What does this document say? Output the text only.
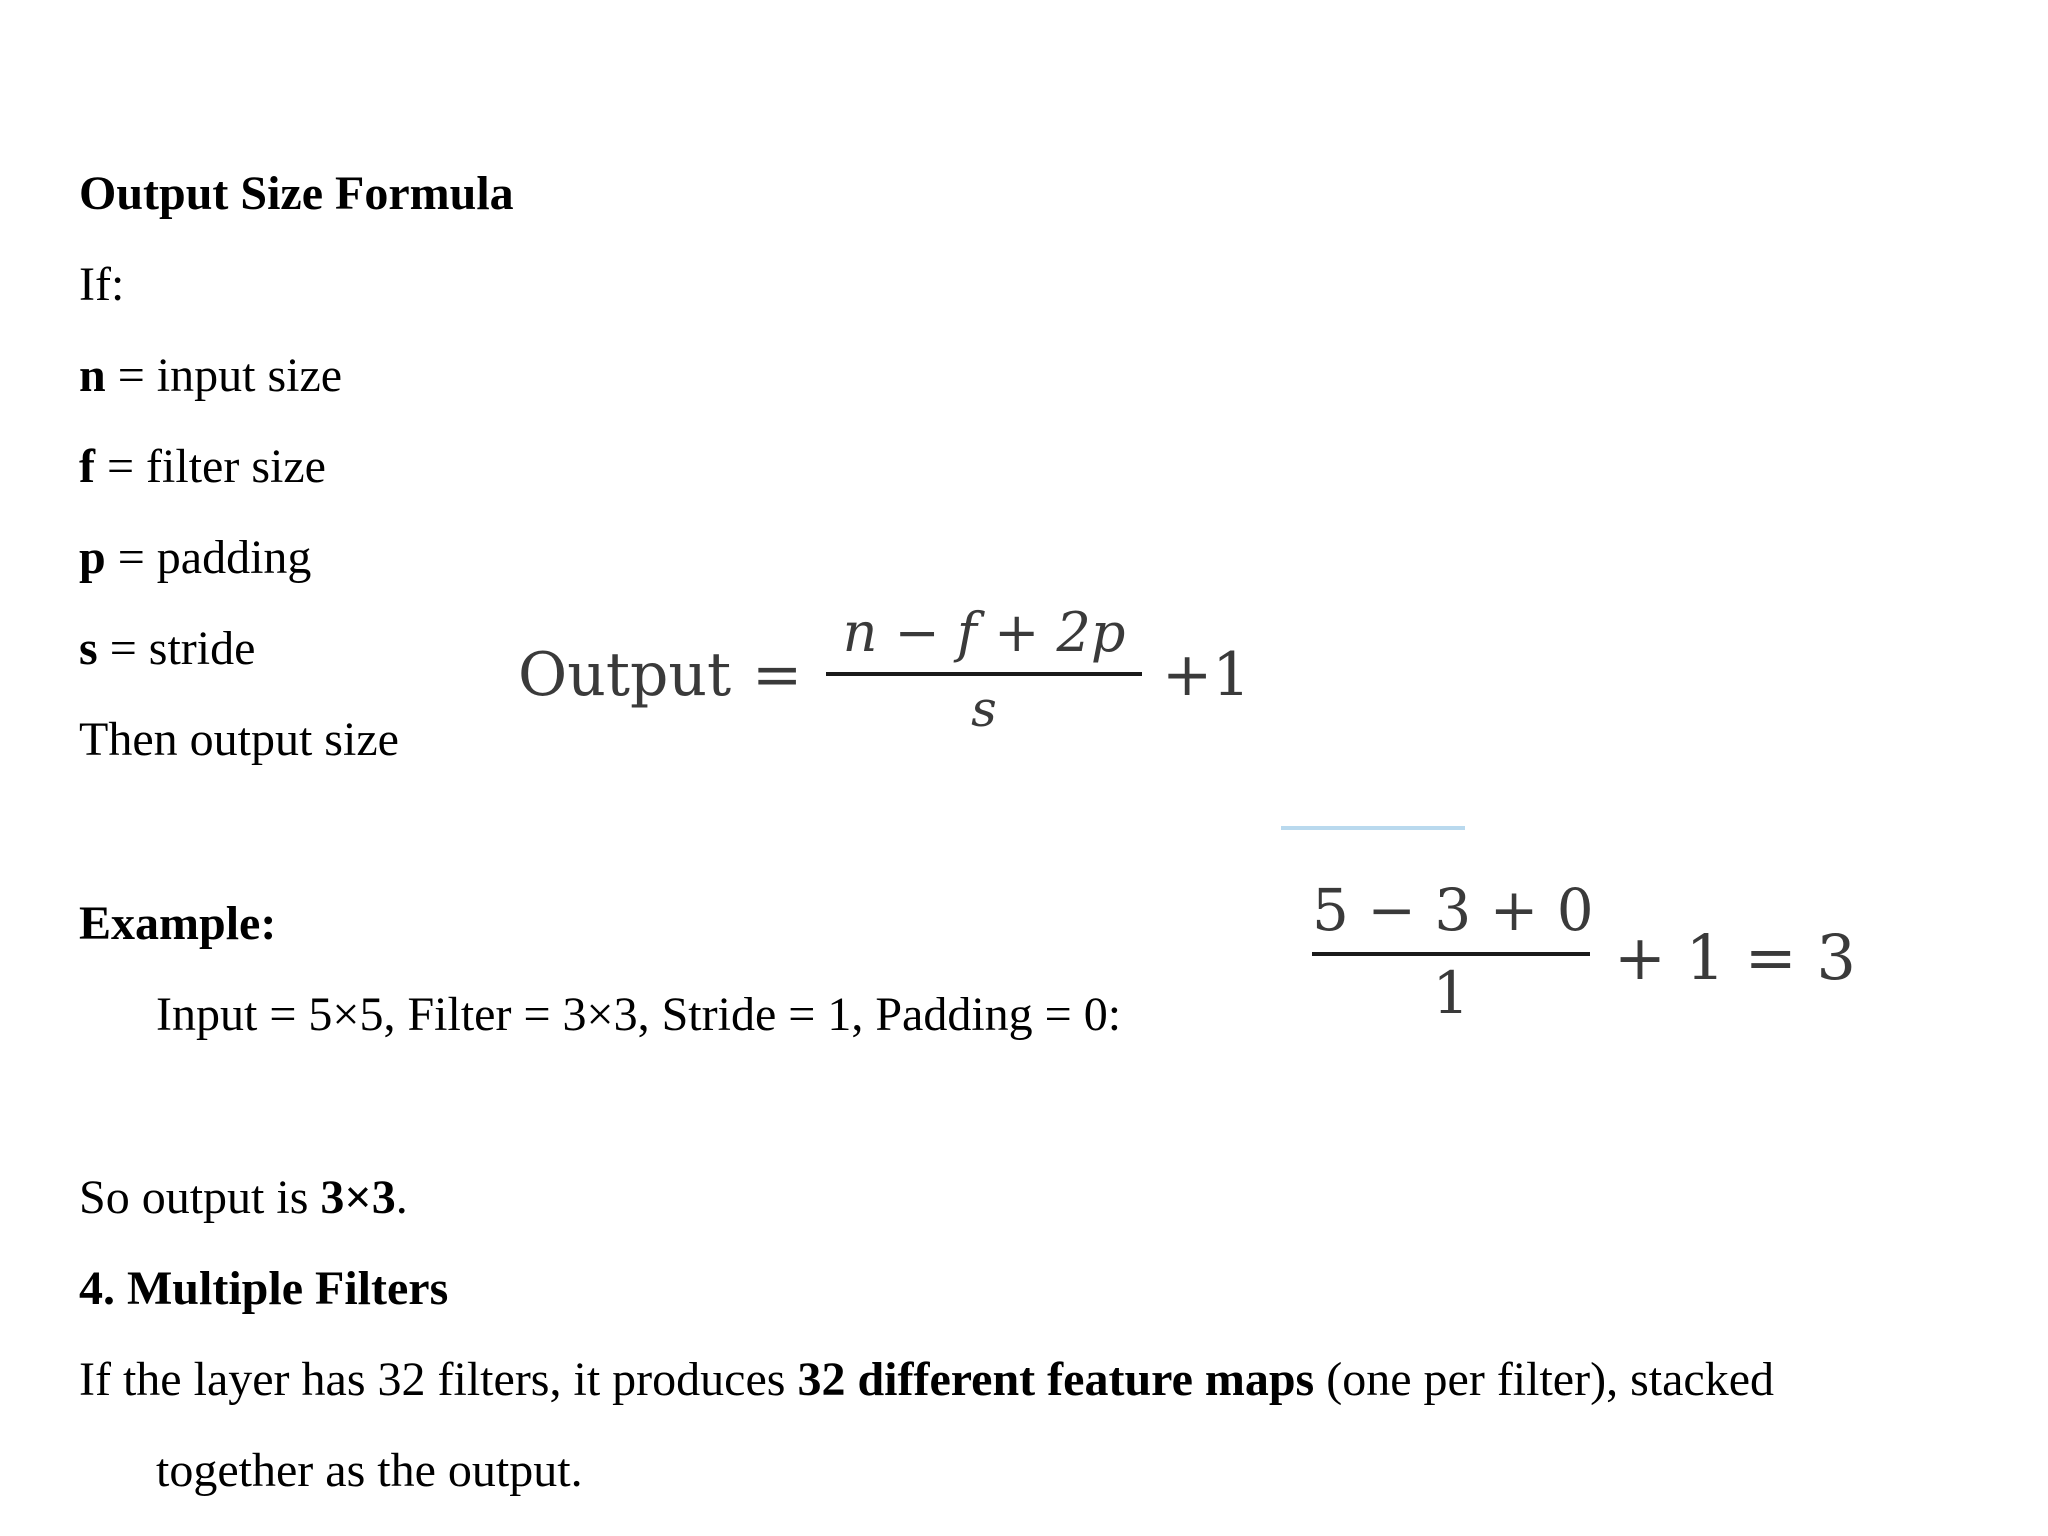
Output Size Formula
If:
n = input size
f = filter size
p = padding
s = stride
Then output size
Output =
n − f + 2p
s	+1
Example:
Input = 5×5, Filter = 3×3, Stride = 1, Padding = 0:
5 − 3 + 0
1	+ 1 = 3
So output is 3×3.
4. Multiple Filters
If the layer has 32 filters, it produces 32 different feature maps (one per filter), stacked
together as the output.
